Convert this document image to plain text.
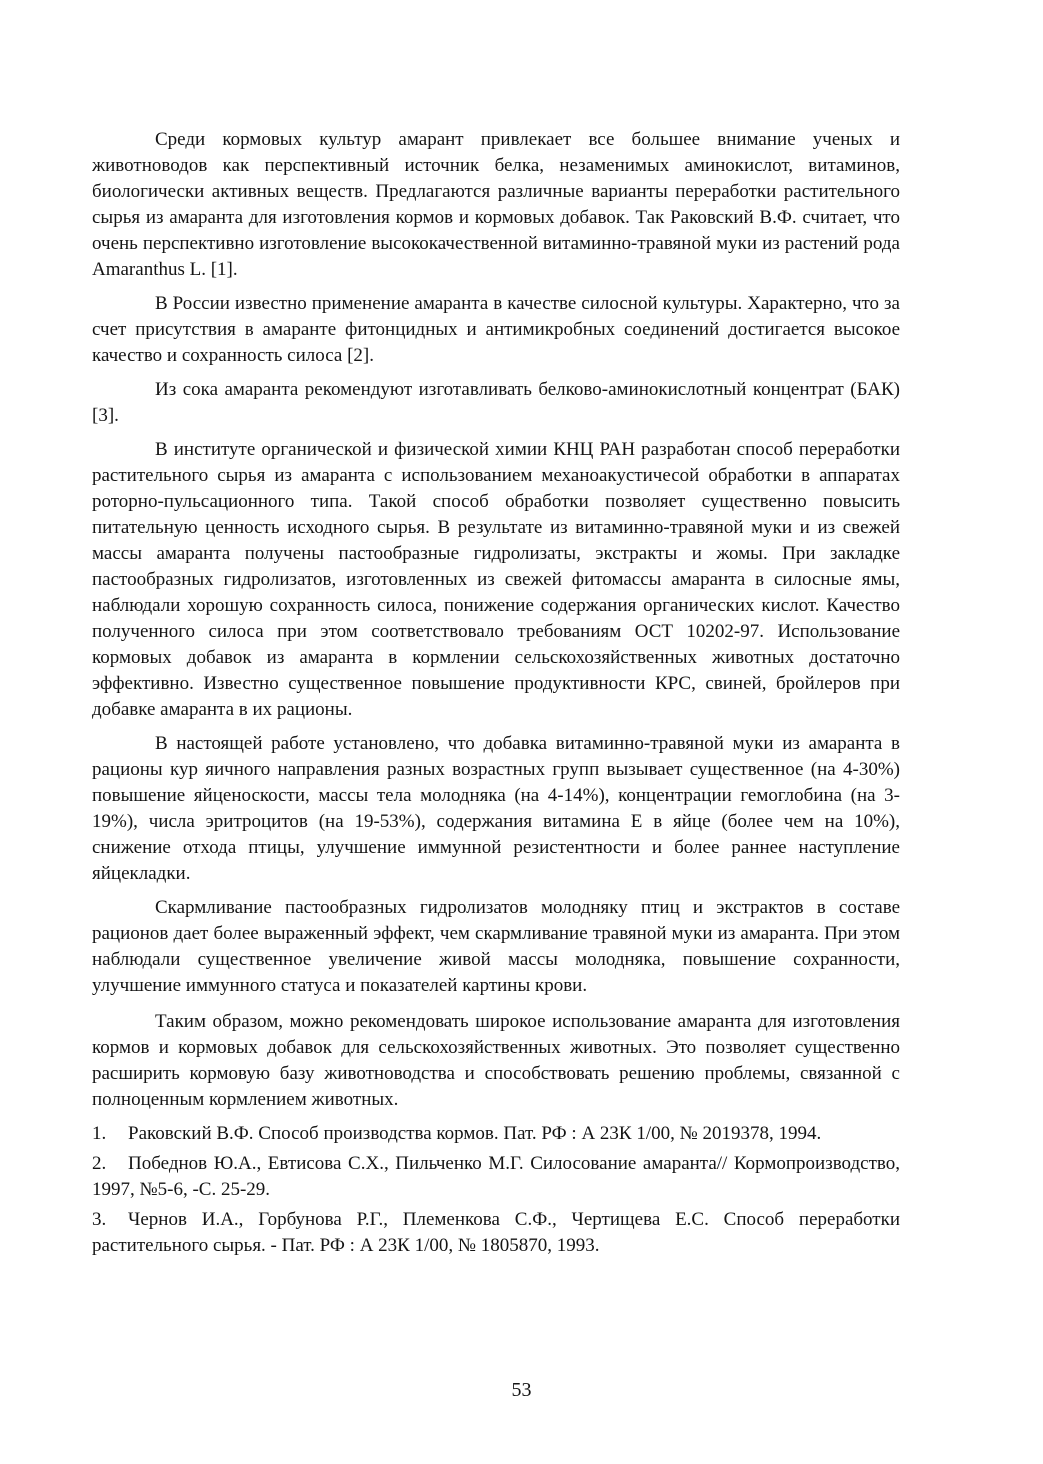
Среди кормовых культур амарант привлекает все большее внимание ученых и животноводов как перспективный источник белка, незаменимых аминокислот, витаминов, биологически активных веществ. Предлагаются различные варианты переработки растительного сырья из амаранта для изготовления кормов и кормовых добавок. Так Раковский В.Ф. считает, что очень перспективно изготовление высококачественной витаминно-травяной муки из растений рода Amaranthus L. [1].

В России известно применение амаранта в качестве силосной культуры. Характерно, что за счет присутствия в амаранте фитонцидных и антимикробных соединений достигается высокое качество и сохранность силоса [2].

Из сока амаранта рекомендуют изготавливать белково-аминокислотный концентрат (БАК) [3].

В институте органической и физической химии КНЦ РАН разработан способ переработки растительного сырья из амаранта с использованием механоакустичесой обработки в аппаратах роторно-пульсационного типа. Такой способ обработки позволяет существенно повысить питательную ценность исходного сырья. В результате из витаминно-травяной муки и из свежей массы амаранта получены пастообразные гидролизаты, экстракты и жомы. При закладке пастообразных гидролизатов, изготовленных из свежей фитомассы амаранта в силосные ямы, наблюдали хорошую сохранность силоса, понижение содержания органических кислот. Качество полученного силоса при этом соответствовало требованиям ОСТ 10202-97. Использование кормовых добавок из амаранта в кормлении сельскохозяйственных животных достаточно эффективно. Известно существенное повышение продуктивности КРС, свиней, бройлеров при добавке амаранта в их рационы.

В настоящей работе установлено, что добавка витаминно-травяной муки из амаранта в рационы кур яичного направления разных возрастных групп вызывает существенное (на 4-30%) повышение яйценоскости, массы тела молодняка (на 4-14%), концентрации гемоглобина (на 3-19%), числа эритроцитов (на 19-53%), содержания витамина Е в яйце (более чем на 10%), снижение отхода птицы, улучшение иммунной резистентности и более раннее наступление яйцекладки.

Скармливание пастообразных гидролизатов молодняку птиц и экстрактов в составе рационов дает более выраженный эффект, чем скармливание травяной муки из амаранта. При этом наблюдали существенное увеличение живой массы молодняка, повышение сохранности, улучшение иммунного статуса и показателей картины крови.

Таким образом, можно рекомендовать широкое использование амаранта для изготовления кормов и кормовых добавок для сельскохозяйственных животных. Это позволяет существенно расширить кормовую базу животноводства и способствовать решению проблемы, связанной с полноценным кормлением животных.

1. Раковский В.Ф. Способ производства кормов. Пат. РФ : А 23К 1/00, № 2019378, 1994.
2. Победнов Ю.А., Евтисова С.Х., Пильченко М.Г. Силосование амаранта// Кормопроизводство, 1997, №5-6, -С. 25-29.
3. Чернов И.А., Горбунова Р.Г., Племенкова С.Ф., Чертищева Е.С. Способ переработки растительного сырья. - Пат. РФ : А 23К 1/00, № 1805870, 1993.
53
